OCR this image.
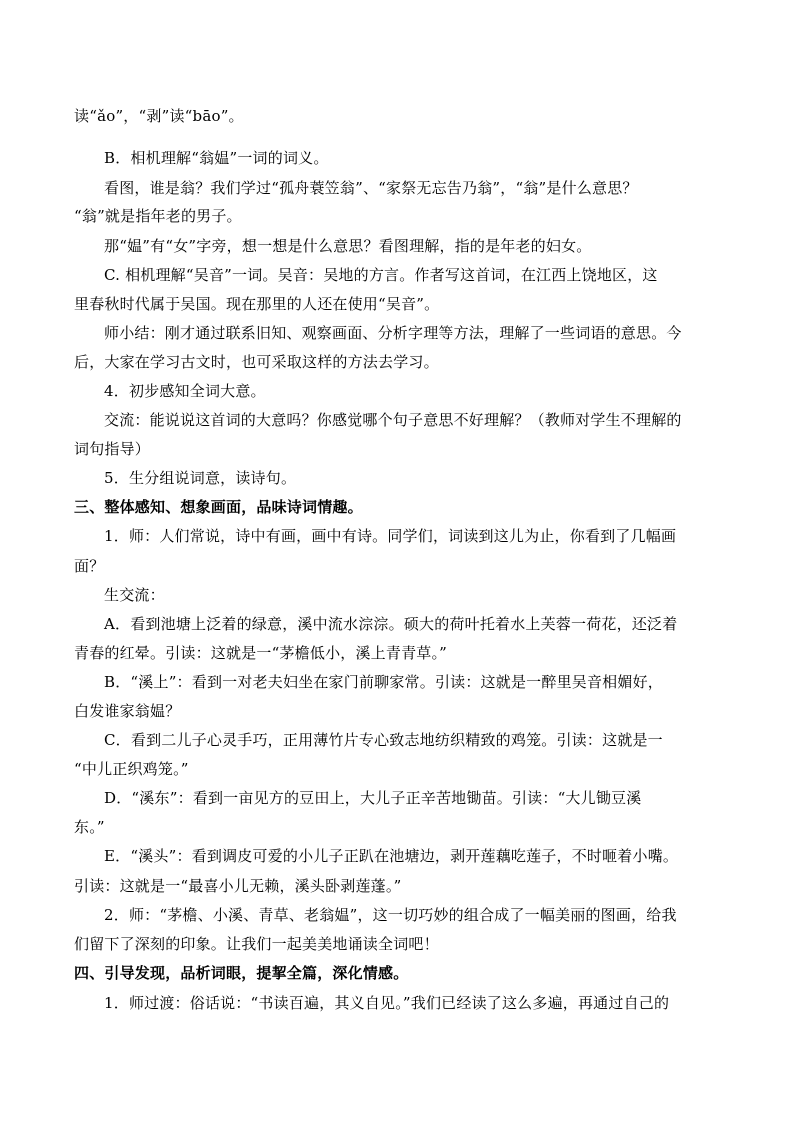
读“ǎo”，“剥”读“bāo”。
B．相机理解“翁媪”一词的词义。
看图，谁是翁？我们学过“孤舟蓑笠翁”、“家祭无忘告乃翁”，“翁”是什么意思？
“翁”就是指年老的男子。
那“媪”有“女”字旁，想一想是什么意思？看图理解，指的是年老的妇女。
C. 相机理解“吴音”一词。吴音：吴地的方言。作者写这首词，在江西上饶地区，这
里春秋时代属于吴国。现在那里的人还在使用“吴音”。
师小结：刚才通过联系旧知、观察画面、分析字理等方法，理解了一些词语的意思。今
后，大家在学习古文时，也可采取这样的方法去学习。
4．初步感知全词大意。
交流：能说说这首词的大意吗？你感觉哪个句子意思不好理解？（教师对学生不理解的
词句指导）
5．生分组说词意，读诗句。
三、整体感知、想象画面，品味诗词情趣。
1．师：人们常说，诗中有画，画中有诗。同学们，词读到这儿为止，你看到了几幅画
面？
生交流：
A．看到池塘上泛着的绿意，溪中流水淙淙。硕大的荷叶托着水上芙蓉一荷花，还泛着
青春的红晕。引读：这就是一“茅檐低小，溪上青青草。”
B．“溪上”：看到一对老夫妇坐在家门前聊家常。引读：这就是一醉里吴音相媚好，
白发谁家翁媪？
C．看到二儿子心灵手巧，正用薄竹片专心致志地纺织精致的鸡笼。引读：这就是一
“中儿正织鸡笼。”
D．“溪东”：看到一亩见方的豆田上，大儿子正辛苦地锄苗。引读：“大儿锄豆溪
东。”
E．“溪头”：看到调皮可爱的小儿子正趴在池塘边，剥开莲藕吃莲子，不时咂着小嘴。
引读：这就是一“最喜小儿无赖，溪头卧剥莲蓬。”
2．师：“茅檐、小溪、青草、老翁媪”，这一切巧妙的组合成了一幅美丽的图画，给我
们留下了深刻的印象。让我们一起美美地诵读全词吧！
四、引导发现，品析词眼，提挈全篇，深化情感。
1．师过渡：俗话说：“书读百遍，其义自见。”我们已经读了这么多遍，再通过自己的
